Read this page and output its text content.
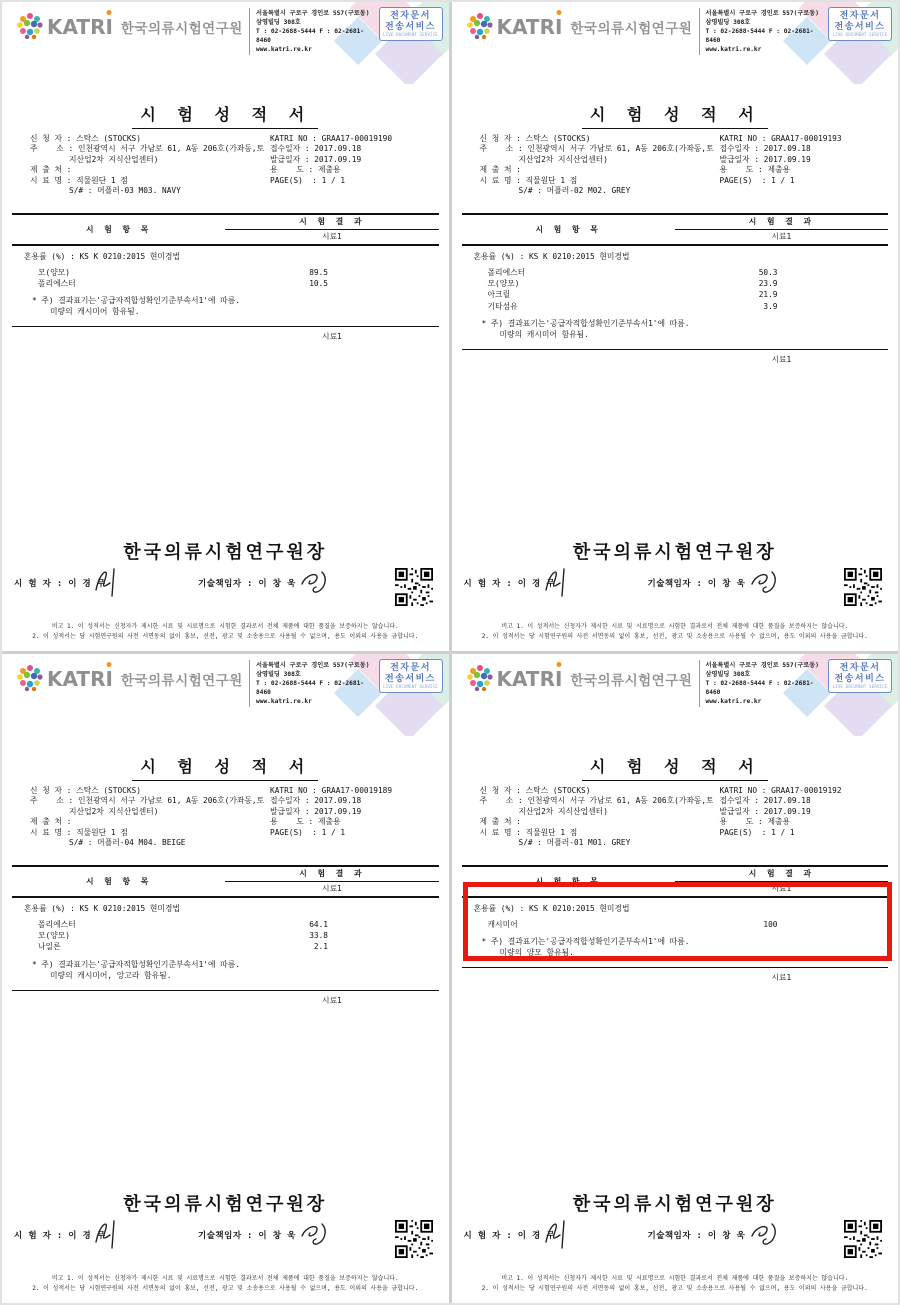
KATR I 한국의류시험연구원
서울특별시 구로구 경인로 557(구로동)
삼영빌딩 308호
T : 02-2688-5444 F : 02-2681-8460
www.katri.re.kr
전자문서
전송서비스
LIVE DOCUMENT SERVICE
시 험 성 적 서
신 청 자 : 스탁스 (STOCKS)
주    소 : 인천광역시 서구 가남로 61, A동 206호(가좌동,토
지산업2차 지식산업센터)
제 출 처 :
시 료 명 : 직물원단 1 점
S/# : 머플러-03 M03. NAVY
KATRI NO : GRAA17-00019190
접수일자 : 2017.09.18
발급일자 : 2017.09.19
용    도 : 제출용
PAGE(S)  : 1 / 1
시 험 항 목
시 험 결 과
시료1
혼용률 (%) : KS K 0210:2015 현미경법
모(양모)	89.5
폴리에스터	10.5
* 주) 결과표기는'공급자적합성확인기준부속서1'에 따름.
미량의 캐시미어 함유됨.
시료1
한국의류시험연구원장
시 험 자 : 이 경 무	기술책임자 : 이 창 욱
비고 1. 이 성적서는 신청자가 제시한 시료 및 시료명으로 시험한 결과로서 전체 제품에 대한 품질을 보증하지는 않습니다.
2. 이 성적서는 당 시험연구원의 사전 서면동의 없이 홍보, 선전, 광고 및 소송용으로 사용될 수 없으며, 용도 이외의 사용을 금합니다.
KATR I 한국의류시험연구원
서울특별시 구로구 경인로 557(구로동)
삼영빌딩 308호
T : 02-2688-5444 F : 02-2681-8460
www.katri.re.kr
전자문서
전송서비스
LIVE DOCUMENT SERVICE
시 험 성 적 서
신 청 자 : 스탁스 (STOCKS)
주    소 : 인천광역시 서구 가남로 61, A동 206호(가좌동,토
지산업2차 지식산업센터)
제 출 처 :
시 료 명 : 직물원단 1 점
S/# : 머플러-02 M02. GREY
KATRI NO : GRAA17-00019193
접수일자 : 2017.09.18
발급일자 : 2017.09.19
용    도 : 제출용
PAGE(S)  : 1 / 1
시 험 항 목
시 험 결 과
시료1
혼용률 (%) : KS K 0210:2015 현미경법
폴리에스터	50.3
모(양모)	23.9
아크릴	21.9
기타섬유	3.9
* 주) 결과표기는'공급자적합성확인기준부속서1'에 따름.
미량의 캐시미어 함유됨.
시료1
한국의류시험연구원장
시 험 자 : 이 경 무	기술책임자 : 이 창 욱
비고 1. 이 성적서는 신청자가 제시한 시료 및 시료명으로 시험한 결과로서 전체 제품에 대한 품질을 보증하지는 않습니다.
2. 이 성적서는 당 시험연구원의 사전 서면동의 없이 홍보, 선전, 광고 및 소송용으로 사용될 수 없으며, 용도 이외의 사용을 금합니다.
KATR I 한국의류시험연구원
서울특별시 구로구 경인로 557(구로동)
삼영빌딩 308호
T : 02-2688-5444 F : 02-2681-8460
www.katri.re.kr
전자문서
전송서비스
LIVE DOCUMENT SERVICE
시 험 성 적 서
신 청 자 : 스탁스 (STOCKS)
주    소 : 인천광역시 서구 가남로 61, A동 206호(가좌동,토
지산업2차 지식산업센터)
제 출 처 :
시 료 명 : 직물원단 1 점
S/# : 머플러-04 M04. BEIGE
KATRI NO : GRAA17-00019189
접수일자 : 2017.09.18
발급일자 : 2017.09.19
용    도 : 제출용
PAGE(S)  : 1 / 1
시 험 항 목
시 험 결 과
시료1
혼용률 (%) : KS K 0210:2015 현미경법
폴리에스터	64.1
모(양모)	33.8
나일론	2.1
* 주) 결과표기는'공급자적합성확인기준부속서1'에 따름.
미량의 캐시미어, 앙고라 함유됨.
시료1
한국의류시험연구원장
시 험 자 : 이 경 무	기술책임자 : 이 창 욱
비고 1. 이 성적서는 신청자가 제시한 시료 및 시료명으로 시험한 결과로서 전체 제품에 대한 품질을 보증하지는 않습니다.
2. 이 성적서는 당 시험연구원의 사전 서면동의 없이 홍보, 선전, 광고 및 소송용으로 사용될 수 없으며, 용도 이외의 사용을 금합니다.
KATR I 한국의류시험연구원
서울특별시 구로구 경인로 557(구로동)
삼영빌딩 308호
T : 02-2688-5444 F : 02-2681-8460
www.katri.re.kr
전자문서
전송서비스
LIVE DOCUMENT SERVICE
시 험 성 적 서
신 청 자 : 스탁스 (STOCKS)
주    소 : 인천광역시 서구 가남로 61, A동 206호(가좌동,토
지산업2차 지식산업센터)
제 출 처 :
시 료 명 : 직물원단 1 점
S/# : 머플러-01 M01. GREY
KATRI NO : GRAA17-00019192
접수일자 : 2017.09.18
발급일자 : 2017.09.19
용    도 : 제출용
PAGE(S)  : 1 / 1
시 험 항 목
시 험 결 과
시료1
혼용률 (%) : KS K 0210:2015 현미경법
캐시미어	100
* 주) 결과표기는'공급자적합성확인기준부속서1'에 따름.
미량의 양모 함유됨.
시료1
한국의류시험연구원장
시 험 자 : 이 경 무	기술책임자 : 이 창 욱
비고 1. 이 성적서는 신청자가 제시한 시료 및 시료명으로 시험한 결과로서 전체 제품에 대한 품질을 보증하지는 않습니다.
2. 이 성적서는 당 시험연구원의 사전 서면동의 없이 홍보, 선전, 광고 및 소송용으로 사용될 수 없으며, 용도 이외의 사용을 금합니다.
